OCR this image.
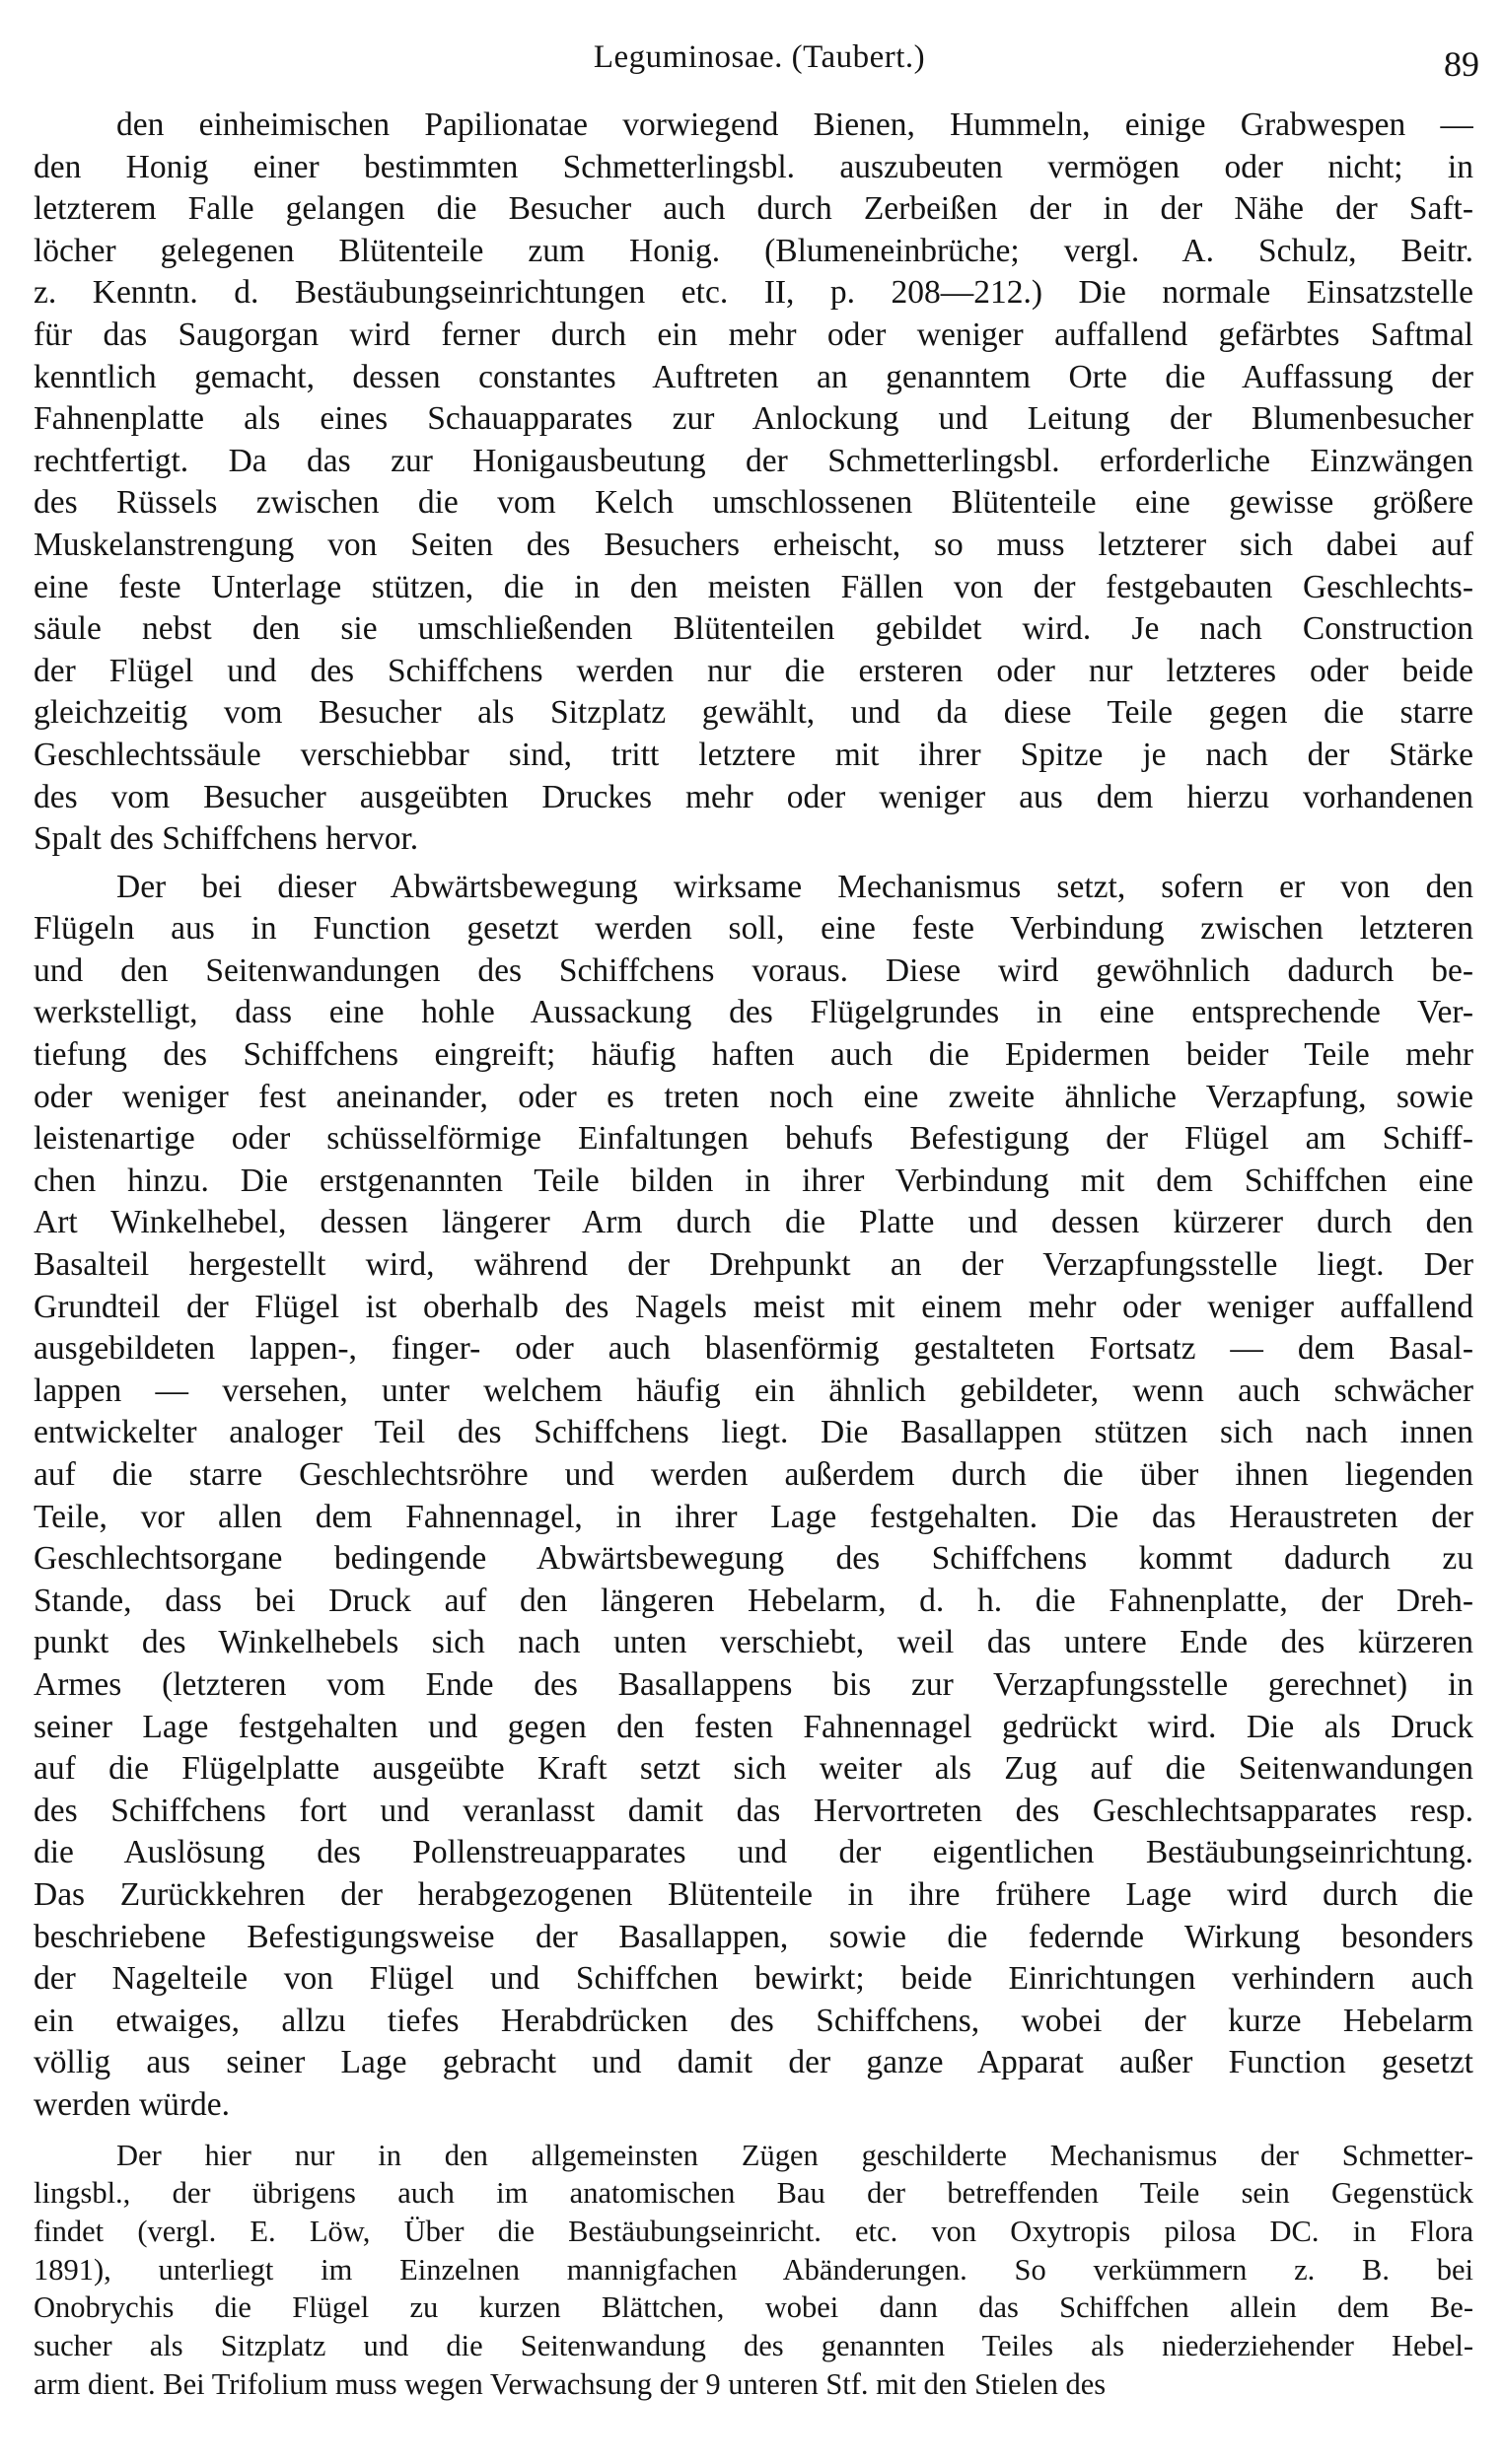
Leguminosae. (Taubert.)	89
den einheimischen Papilionatae vorwiegend Bienen, Hummeln, einige Grabwespen —
den Honig einer bestimmten Schmetterlingsbl. auszubeuten vermögen oder nicht; in
letzterem Falle gelangen die Besucher auch durch Zerbeißen der in der Nähe der Saft-
löcher gelegenen Blütenteile zum Honig. (Blumeneinbrüche; vergl. A. Schulz, Beitr.
z. Kenntn. d. Bestäubungseinrichtungen etc. II, p. 208—212.) Die normale Einsatzstelle
für das Saugorgan wird ferner durch ein mehr oder weniger auffallend gefärbtes Saftmal
kenntlich gemacht, dessen constantes Auftreten an genanntem Orte die Auffassung der
Fahnenplatte als eines Schauapparates zur Anlockung und Leitung der Blumenbesucher
rechtfertigt. Da das zur Honigausbeutung der Schmetterlingsbl. erforderliche Einzwängen
des Rüssels zwischen die vom Kelch umschlossenen Blütenteile eine gewisse größere
Muskelanstrengung von Seiten des Besuchers erheischt, so muss letzterer sich dabei auf
eine feste Unterlage stützen, die in den meisten Fällen von der festgebauten Geschlechts-
säule nebst den sie umschließenden Blütenteilen gebildet wird. Je nach Construction
der Flügel und des Schiffchens werden nur die ersteren oder nur letzteres oder beide
gleichzeitig vom Besucher als Sitzplatz gewählt, und da diese Teile gegen die starre
Geschlechtssäule verschiebbar sind, tritt letztere mit ihrer Spitze je nach der Stärke
des vom Besucher ausgeübten Druckes mehr oder weniger aus dem hierzu vorhandenen
Spalt des Schiffchens hervor.
Der bei dieser Abwärtsbewegung wirksame Mechanismus setzt, sofern er von den
Flügeln aus in Function gesetzt werden soll, eine feste Verbindung zwischen letzteren
und den Seitenwandungen des Schiffchens voraus. Diese wird gewöhnlich dadurch be-
werkstelligt, dass eine hohle Aussackung des Flügelgrundes in eine entsprechende Ver-
tiefung des Schiffchens eingreift; häufig haften auch die Epidermen beider Teile mehr
oder weniger fest aneinander, oder es treten noch eine zweite ähnliche Verzapfung, sowie
leistenartige oder schüsselförmige Einfaltungen behufs Befestigung der Flügel am Schiff-
chen hinzu. Die erstgenannten Teile bilden in ihrer Verbindung mit dem Schiffchen eine
Art Winkelhebel, dessen längerer Arm durch die Platte und dessen kürzerer durch den
Basalteil hergestellt wird, während der Drehpunkt an der Verzapfungsstelle liegt. Der
Grundteil der Flügel ist oberhalb des Nagels meist mit einem mehr oder weniger auffallend
ausgebildeten lappen-, finger- oder auch blasenförmig gestalteten Fortsatz — dem Basal-
lappen — versehen, unter welchem häufig ein ähnlich gebildeter, wenn auch schwächer
entwickelter analoger Teil des Schiffchens liegt. Die Basallappen stützen sich nach innen
auf die starre Geschlechtsröhre und werden außerdem durch die über ihnen liegenden
Teile, vor allen dem Fahnennagel, in ihrer Lage festgehalten. Die das Heraustreten der
Geschlechtsorgane bedingende Abwärtsbewegung des Schiffchens kommt dadurch zu
Stande, dass bei Druck auf den längeren Hebelarm, d. h. die Fahnenplatte, der Dreh-
punkt des Winkelhebels sich nach unten verschiebt, weil das untere Ende des kürzeren
Armes (letzteren vom Ende des Basallappens bis zur Verzapfungsstelle gerechnet) in
seiner Lage festgehalten und gegen den festen Fahnennagel gedrückt wird. Die als Druck
auf die Flügelplatte ausgeübte Kraft setzt sich weiter als Zug auf die Seitenwandungen
des Schiffchens fort und veranlasst damit das Hervortreten des Geschlechtsapparates resp.
die Auslösung des Pollenstreuapparates und der eigentlichen Bestäubungseinrichtung.
Das Zurückkehren der herabgezogenen Blütenteile in ihre frühere Lage wird durch die
beschriebene Befestigungsweise der Basallappen, sowie die federnde Wirkung besonders
der Nagelteile von Flügel und Schiffchen bewirkt; beide Einrichtungen verhindern auch
ein etwaiges, allzu tiefes Herabdrücken des Schiffchens, wobei der kurze Hebelarm
völlig aus seiner Lage gebracht und damit der ganze Apparat außer Function gesetzt
werden würde.
Der hier nur in den allgemeinsten Zügen geschilderte Mechanismus der Schmetter-
lingsbl., der übrigens auch im anatomischen Bau der betreffenden Teile sein Gegenstück
findet (vergl. E. Löw, Über die Bestäubungseinricht. etc. von Oxytropis pilosa DC. in Flora
1891), unterliegt im Einzelnen mannigfachen Abänderungen. So verkümmern z. B. bei
Onobrychis die Flügel zu kurzen Blättchen, wobei dann das Schiffchen allein dem Be-
sucher als Sitzplatz und die Seitenwandung des genannten Teiles als niederziehender Hebel-
arm dient. Bei Trifolium muss wegen Verwachsung der 9 unteren Stf. mit den Stielen des
